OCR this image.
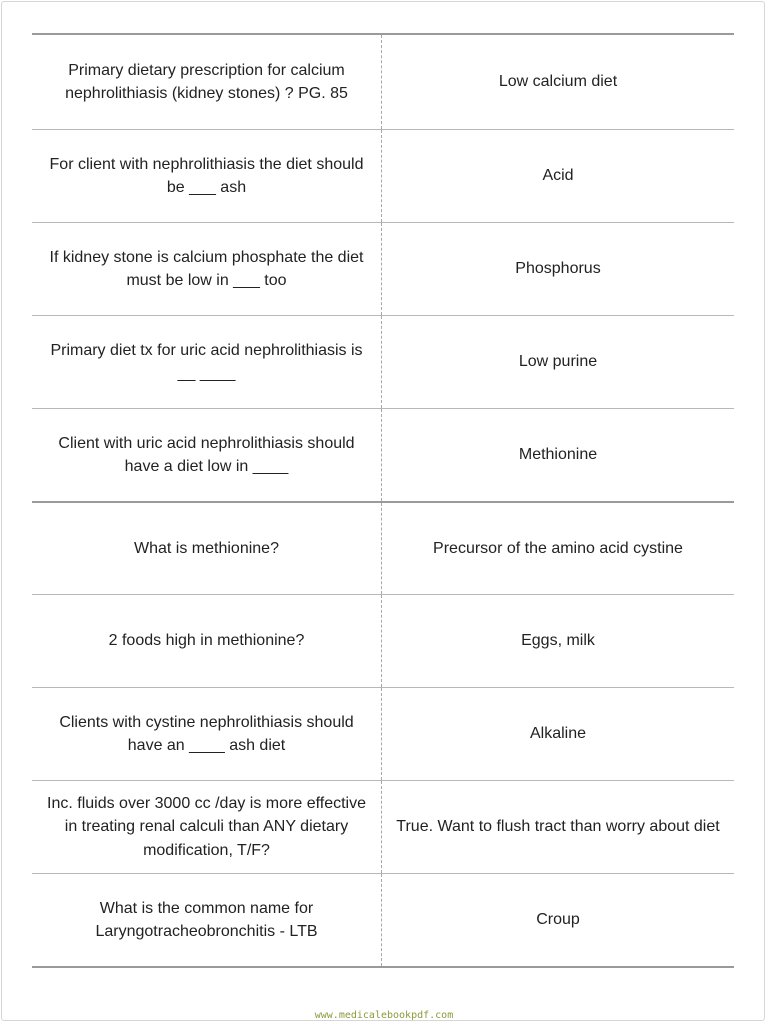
Primary dietary prescription for calcium nephrolithiasis (kidney stones) ? PG. 85
Low calcium diet
For client with nephrolithiasis the diet should be ___ ash
Acid
If kidney stone is calcium phosphate the diet must be low in ___ too
Phosphorus
Primary diet tx for uric acid nephrolithiasis is __ ____
Low purine
Client with uric acid nephrolithiasis should have a diet low in ____
Methionine
What is methionine?	Precursor of the amino acid cystine
2 foods high in methionine?	Eggs, milk
Clients with cystine nephrolithiasis should have an ____ ash diet
Alkaline
Inc. fluids over 3000 cc /day is more effective in treating renal calculi than ANY dietary modification, T/F?
True. Want to flush tract than worry about diet
What is the common name for Laryngotracheobronchitis - LTB
Croup
www.medicalebookpdf.com
